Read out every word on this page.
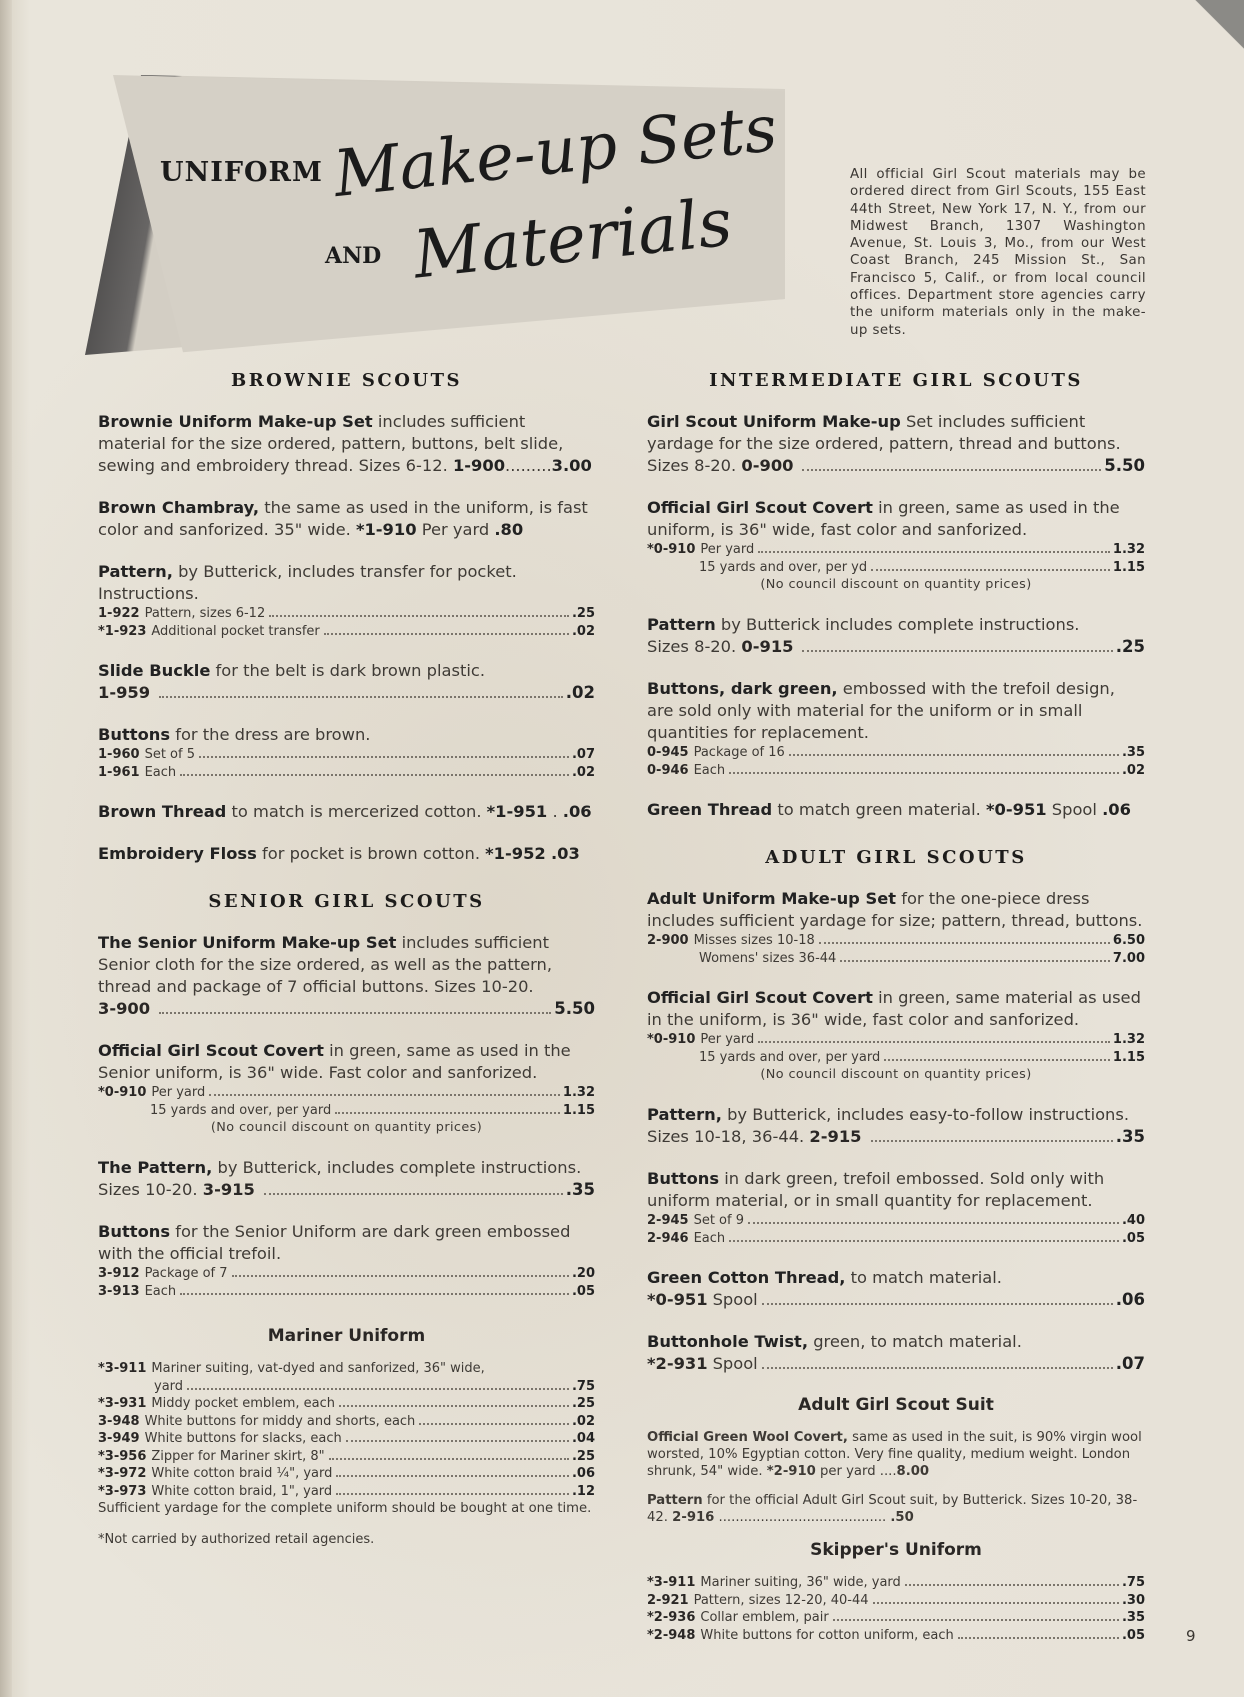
UNIFORM Make-up Sets
AND Materials
All official Girl Scout materials may be ordered direct from Girl Scouts, 155 East 44th Street, New York 17, N. Y., from our Midwest Branch, 1307 Washington Avenue, St. Louis 3, Mo., from our West Coast Branch, 245 Mission St., San Francisco 5, Calif., or from local council offices. Department store agencies carry the uniform materials only in the make-up sets.
BROWNIE SCOUTS

Brownie Uniform Make-up Set includes sufficient material for the size ordered, pattern, buttons, belt slide, sewing and embroidery thread. Sizes 6-12. 1-900.........3.00

Brown Chambray, the same as used in the uniform, is fast color and sanforized. 35" wide. *1-910 Per yard .80

Pattern, by Butterick, includes transfer for pocket. Instructions.

1-922 Pattern, sizes 6-12	.25
*1-923 Additional pocket transfer	.02

Slide Buckle for the belt is dark brown plastic.

1-959	.02

Buttons for the dress are brown.

1-960 Set of 5	.07
1-961 Each	.02

Brown Thread to match is mercerized cotton. *1-951 . .06

Embroidery Floss for pocket is brown cotton. *1-952 .03

SENIOR GIRL SCOUTS

The Senior Uniform Make-up Set includes sufficient Senior cloth for the size ordered, as well as the pattern, thread and package of 7 official buttons. Sizes 10-20.

3-900	5.50

Official Girl Scout Covert in green, same as used in the Senior uniform, is 36" wide. Fast color and sanforized.

*0-910 Per yard	1.32
15 yards and over, per yard	1.15
(No council discount on quantity prices)

The Pattern, by Butterick, includes complete instructions.

Sizes 10-20.
3-915	.35

Buttons for the Senior Uniform are dark green embossed with the official trefoil.

3-912 Package of 7	.20
3-913 Each	.05
Mariner Uniform
*3-911 Mariner suiting, vat-dyed and sanforized, 36" wide,
yard	.75
*3-931 Middy pocket emblem, each	.25
3-948 White buttons for middy and shorts, each	.02
3-949 White buttons for slacks, each	.04
*3-956 Zipper for Mariner skirt, 8"	.25
*3-972 White cotton braid ¼", yard	.06
*3-973 White cotton braid, 1", yard	.12

Sufficient yardage for the complete uniform should be bought at one time.

*Not carried by authorized retail agencies.
INTERMEDIATE GIRL SCOUTS

Girl Scout Uniform Make-up Set includes sufficient yardage for the size ordered, pattern, thread and buttons.

Sizes 8-20.
0-900	5.50

Official Girl Scout Covert in green, same as used in the uniform, is 36" wide, fast color and sanforized.

*0-910 Per yard	1.32
15 yards and over, per yd	1.15
(No council discount on quantity prices)

Pattern by Butterick includes complete instructions.

Sizes 8-20.
0-915	.25

Buttons, dark green, embossed with the trefoil design, are sold only with material for the uniform or in small quantities for replacement.

0-945 Package of 16	.35
0-946 Each	.02

Green Thread to match green material. *0-951 Spool .06

ADULT GIRL SCOUTS

Adult Uniform Make-up Set for the one-piece dress includes sufficient yardage for size; pattern, thread, buttons.

2-900 Misses sizes 10-18	6.50
Womens' sizes 36-44	7.00

Official Girl Scout Covert in green, same material as used in the uniform, is 36" wide, fast color and sanforized.

*0-910 Per yard	1.32
15 yards and over, per yard	1.15
(No council discount on quantity prices)

Pattern, by Butterick, includes easy-to-follow instructions.

Sizes 10-18, 36-44.
2-915	.35

Buttons in dark green, trefoil embossed. Sold only with uniform material, or in small quantity for replacement.

2-945 Set of 9	.40
2-946 Each	.05

Green Cotton Thread, to match material.

*0-951 Spool	.06

Buttonhole Twist, green, to match material.

*2-931 Spool	.07
Adult Girl Scout Suit

Official Green Wool Covert, same as used in the suit, is 90% virgin wool worsted, 10% Egyptian cotton. Very fine quality, medium weight. London shrunk, 54" wide. *2-910 per yard ....8.00

Pattern for the official Adult Girl Scout suit, by Butterick. Sizes 10-20, 38-42. 2-916 ........................................ .50

Skipper's Uniform
*3-911 Mariner suiting, 36" wide, yard	.75
2-921 Pattern, sizes 12-20, 40-44	.30
*2-936 Collar emblem, pair	.35
*2-948 White buttons for cotton uniform, each	.05	9
